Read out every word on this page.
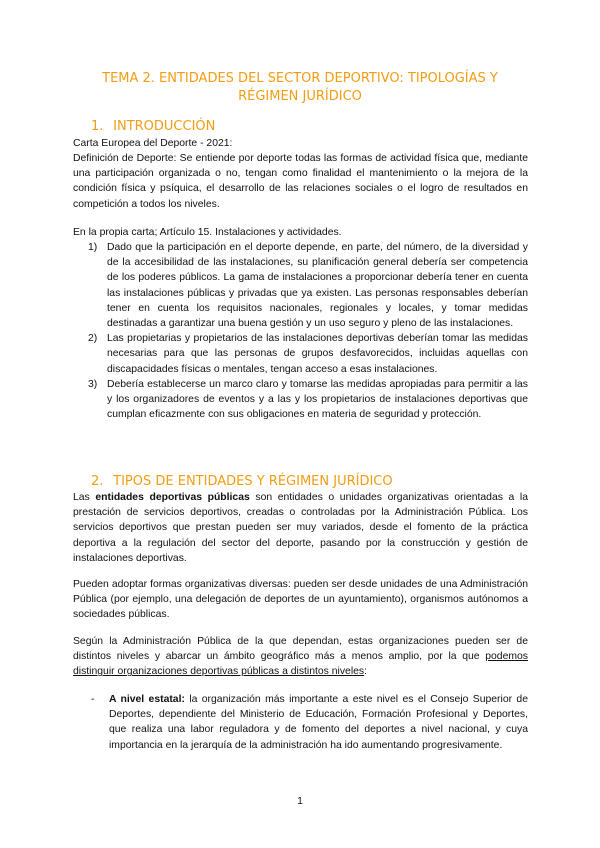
TEMA 2. ENTIDADES DEL SECTOR DEPORTIVO: TIPOLOGÍAS Y
RÉGIMEN JURÍDICO
1. INTRODUCCIÓN
Carta Europea del Deporte - 2021:
Definición de Deporte: Se entiende por deporte todas las formas de actividad física que, mediante una participación organizada o no, tengan como finalidad el mantenimiento o la mejora de la condición física y psíquica, el desarrollo de las relaciones sociales o el logro de resultados en competición a todos los niveles.
En la propia carta; Artículo 15. Instalaciones y actividades.
1) Dado que la participación en el deporte depende, en parte, del número, de la diversidad y de la accesibilidad de las instalaciones, su planificación general debería ser competencia de los poderes públicos. La gama de instalaciones a proporcionar debería tener en cuenta las instalaciones públicas y privadas que ya existen. Las personas responsables deberían tener en cuenta los requisitos nacionales, regionales y locales, y tomar medidas destinadas a garantizar una buena gestión y un uso seguro y pleno de las instalaciones.
2) Las propietarias y propietarios de las instalaciones deportivas deberían tomar las medidas necesarias para que las personas de grupos desfavorecidos, incluidas aquellas con discapacidades físicas o mentales, tengan acceso a esas instalaciones.
3) Debería establecerse un marco claro y tomarse las medidas apropiadas para permitir a las y los organizadores de eventos y a las y los propietarios de instalaciones deportivas que cumplan eficazmente con sus obligaciones en materia de seguridad y protección.
2. TIPOS DE ENTIDADES Y RÉGIMEN JURÍDICO
Las entidades deportivas públicas son entidades o unidades organizativas orientadas a la prestación de servicios deportivos, creadas o controladas por la Administración Pública. Los servicios deportivos que prestan pueden ser muy variados, desde el fomento de la práctica deportiva a la regulación del sector del deporte, pasando por la construcción y gestión de instalaciones deportivas.
Pueden adoptar formas organizativas diversas: pueden ser desde unidades de una Administración Pública (por ejemplo, una delegación de deportes de un ayuntamiento), organismos autónomos a sociedades públicas.
Según la Administración Pública de la que dependan, estas organizaciones pueden ser de distintos niveles y abarcar un ámbito geográfico más a menos amplio, por la que podemos distinguir organizaciones deportivas públicas a distintos niveles:
- A nivel estatal: la organización más importante a este nivel es el Consejo Superior de Deportes, dependiente del Ministerio de Educación, Formación Profesional y Deportes, que realiza una labor reguladora y de fomento del deportes a nivel nacional, y cuya importancia en la jerarquía de la administración ha ido aumentando progresivamente.
1
